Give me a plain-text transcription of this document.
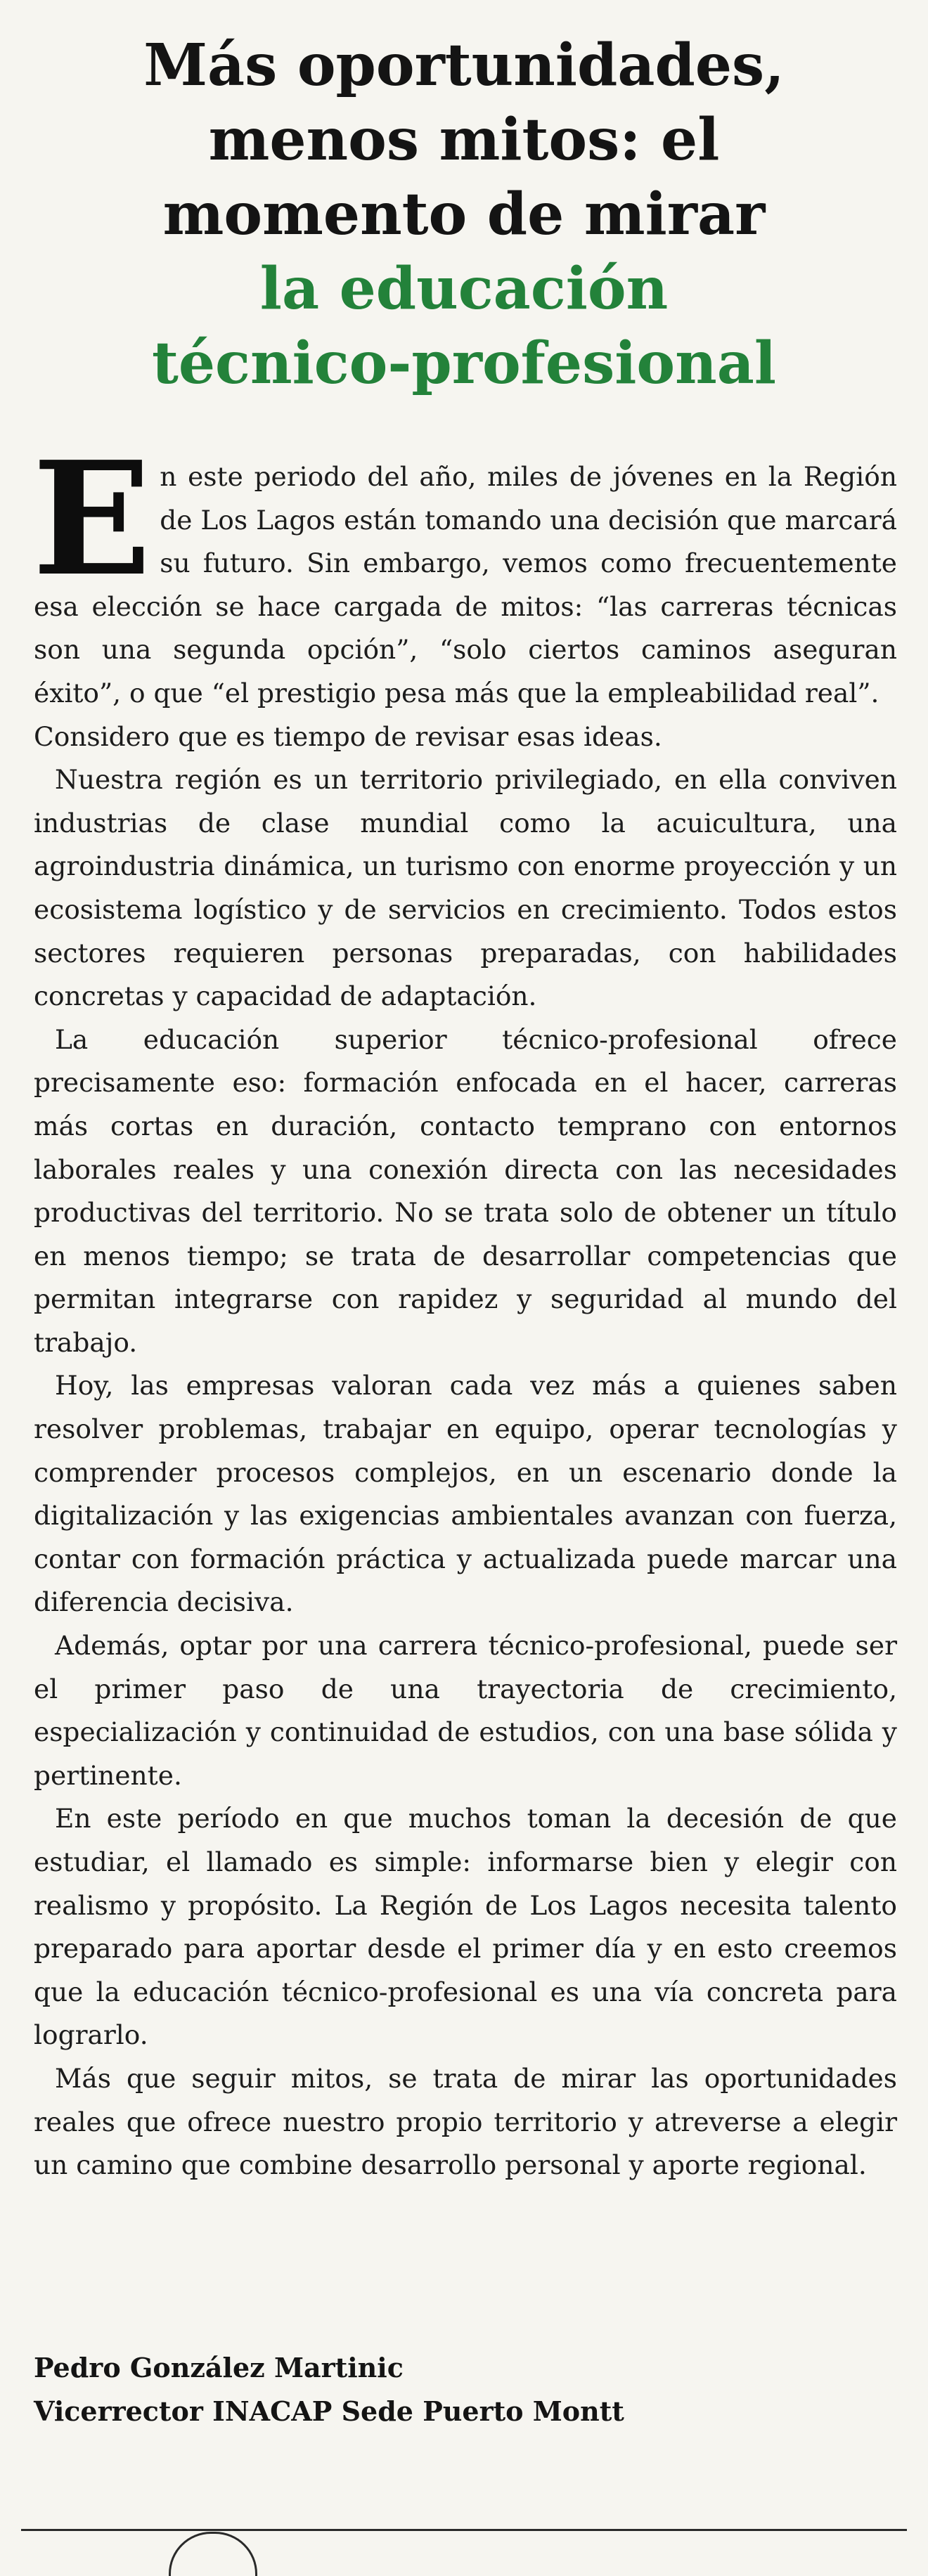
Más oportunidades,
menos mitos: el
momento de mirar
la educación
técnico-profesional

En este periodo del año, miles de jóvenes en la Región de Los Lagos están tomando una decisión que marcará su futuro. Sin embargo, vemos como frecuentemente esa elección se hace cargada de mitos: “las carreras técnicas son una segunda opción”, “solo ciertos caminos aseguran éxito”, o que “el prestigio pesa más que la empleabilidad real”.

Considero que es tiempo de revisar esas ideas.

Nuestra región es un territorio privilegiado, en ella conviven industrias de clase mundial como la acuicultura, una agroindustria dinámica, un turismo con enorme proyección y un ecosistema logístico y de servicios en crecimiento. Todos estos sectores requieren personas preparadas, con habilidades concretas y capacidad de adaptación.

La educación superior técnico-profesional ofrece precisamente eso: formación enfocada en el hacer, carreras más cortas en duración, contacto temprano con entornos laborales reales y una conexión directa con las necesidades productivas del territorio. No se trata solo de obtener un título en menos tiempo; se trata de desarrollar competencias que permitan integrarse con rapidez y seguridad al mundo del trabajo.

Hoy, las empresas valoran cada vez más a quienes saben resolver problemas, trabajar en equipo, operar tecnologías y comprender procesos complejos, en un escenario donde la digitalización y las exigencias ambientales avanzan con fuerza, contar con formación práctica y actualizada puede marcar una diferencia decisiva.

Además, optar por una carrera técnico-profesional, puede ser el primer paso de una trayectoria de crecimiento, especialización y continuidad de estudios, con una base sólida y pertinente.

En este período en que muchos toman la decesión de que estudiar, el llamado es simple: informarse bien y elegir con realismo y propósito. La Región de Los Lagos necesita talento preparado para aportar desde el primer día y en esto creemos que la educación técnico-profesional es una vía concreta para lograrlo.

Más que seguir mitos, se trata de mirar las oportunidades reales que ofrece nuestro propio territorio y atreverse a elegir un camino que combine desarrollo personal y aporte regional.

Pedro González Martinic
Vicerrector INACAP Sede Puerto Montt
